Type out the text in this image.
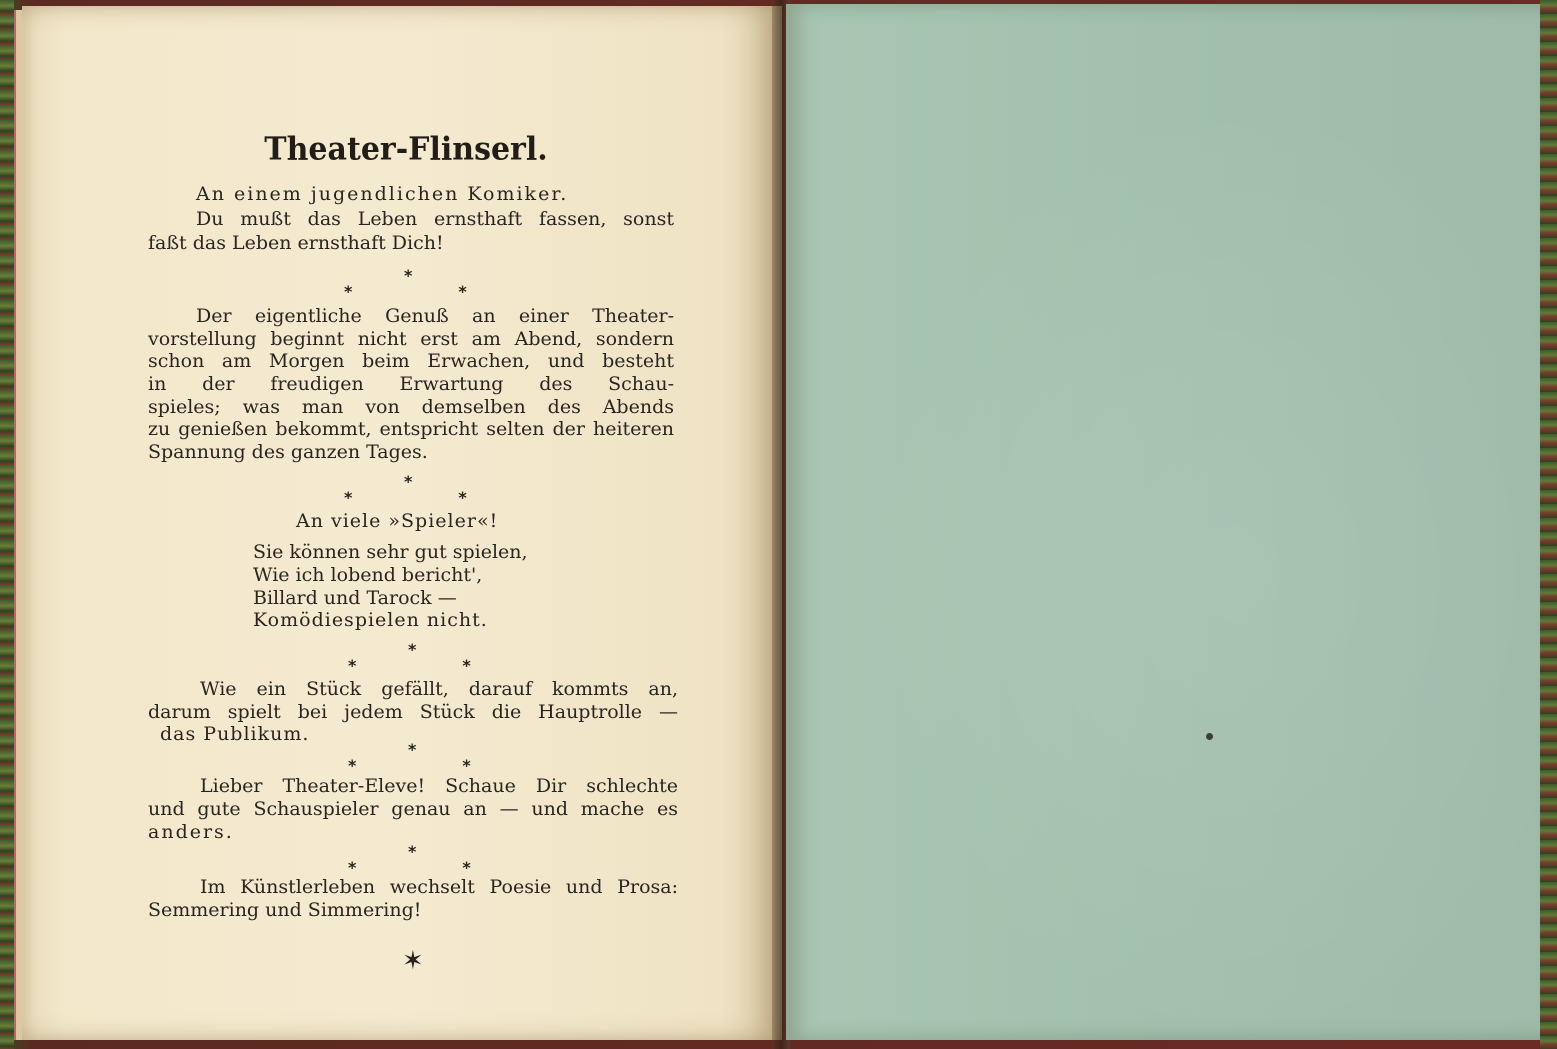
Theater-Flinserl.
An einem jugendlichen Komiker.
Du mußt das Leben ernsthaft fassen, sonst
faßt das Leben ernsthaft Dich!
*
**
Der eigentliche Genuß an einer Theater-
vorstellung beginnt nicht erst am Abend, sondern
schon am Morgen beim Erwachen, und besteht
in der freudigen Erwartung des Schau-
spieles; was man von demselben des Abends
zu genießen bekommt, entspricht selten der heiteren
Spannung des ganzen Tages.
*
**
An viele »Spieler«!
Sie können sehr gut spielen,
Wie ich lobend bericht',
Billard und Tarock —
Komödiespielen nicht.
*
**
Wie ein Stück gefällt, darauf kommts an,
darum spielt bei jedem Stück die Hauptrolle —
das Publikum.
*
**
Lieber Theater-Eleve! Schaue Dir schlechte
und gute Schauspieler genau an — und mache es
anders.
*
**
Im Künstlerleben wechselt Poesie und Prosa:
Semmering und Simmering!
✶
